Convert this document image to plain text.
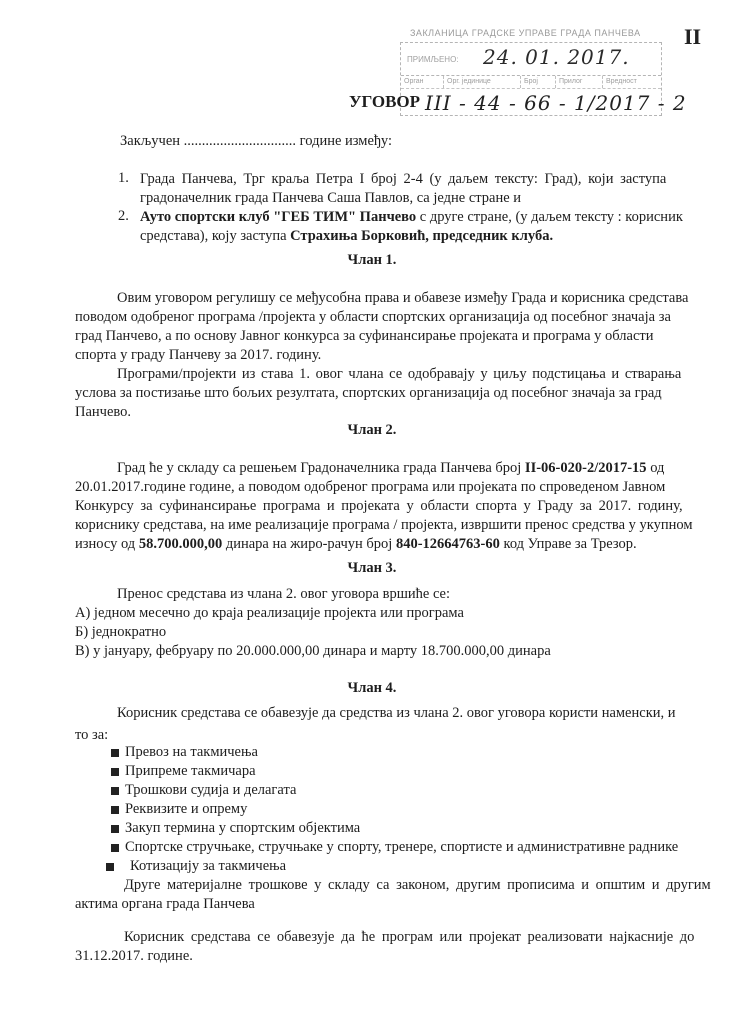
II
ЗАКЛАНИЦА ГРАДСКЕ УПРАВЕ ГРАДА ПАНЧЕВА
ПРИМЉЕНО: 24. 01. 2017.
Орган	Орг. јединице	Број	Прилог	Вредност
III - 44 - 66 - 1/2017 - 2
УГОВОР
Закључен ............................... године између:
1. Града Панчева, Трг краља Петра I број 2-4 (у даљем тексту: Град), који заступа
градоначелник града Панчева Саша Павлов, са једне стране и
2. Ауто спортски клуб "ГЕБ ТИМ" Панчево с друге стране, (у даљем тексту : корисник
средстава), коју заступа Страхиња Борковић, председник клуба.
Члан 1.
Овим уговором регулишу се међусобна права и обавезе између Града и корисника средстава
поводом одобреног програма /пројекта у области спортских организација од посебног значаја за
град Панчево, а по основу Јавног конкурса за суфинансирање пројеката и програма у области
спорта у граду Панчеву за 2017. годину.
Програми/пројекти из става 1. овог члана се одобравају у циљу подстицања и стварања
услова за постизање што бољих резултата, спортских организација од посебног значаја за град
Панчево.
Члан 2.
Град ће у складу са решењем Градоначелника града Панчева број II-06-020-2/2017-15 од
20.01.2017.године године, а поводом одобреног програма или пројеката по спроведеном Јавном
Конкурсу за суфинансирање програма и пројеката у области спорта у Граду за 2017. годину,
кориснику средстава, на име реализације програма / пројекта, извршити пренос средства у укупном
износу од 58.700.000,00 динара на жиро-рачун број 840-12664763-60 код Управе за Трезор.
Члан 3.
Пренос средстава из члана 2. овог уговора вршиће се:
А) једном месечно до краја реализације пројекта или програма
Б) једнократно
В) у јануару, фебруару по 20.000.000,00 динара и марту 18.700.000,00 динара
Члан 4.
Корисник средстава се обавезује да средства из члана 2. овог уговора користи наменски, и
то за:
Превоз на такмичења
Припреме такмичара
Трошкови судија и делагата
Реквизите и опрему
Закуп термина у спортским објектима
Спортске стручњаке, стручњаке у спорту, тренере, спортисте и административне раднике
Котизацију за такмичења
Друге материјалне трошкове у складу са законом, другим прописима и општим и другим
актима органа града Панчева
Корисник средстава се обавезује да ће програм или пројекат реализовати најкасније до
31.12.2017. године.
